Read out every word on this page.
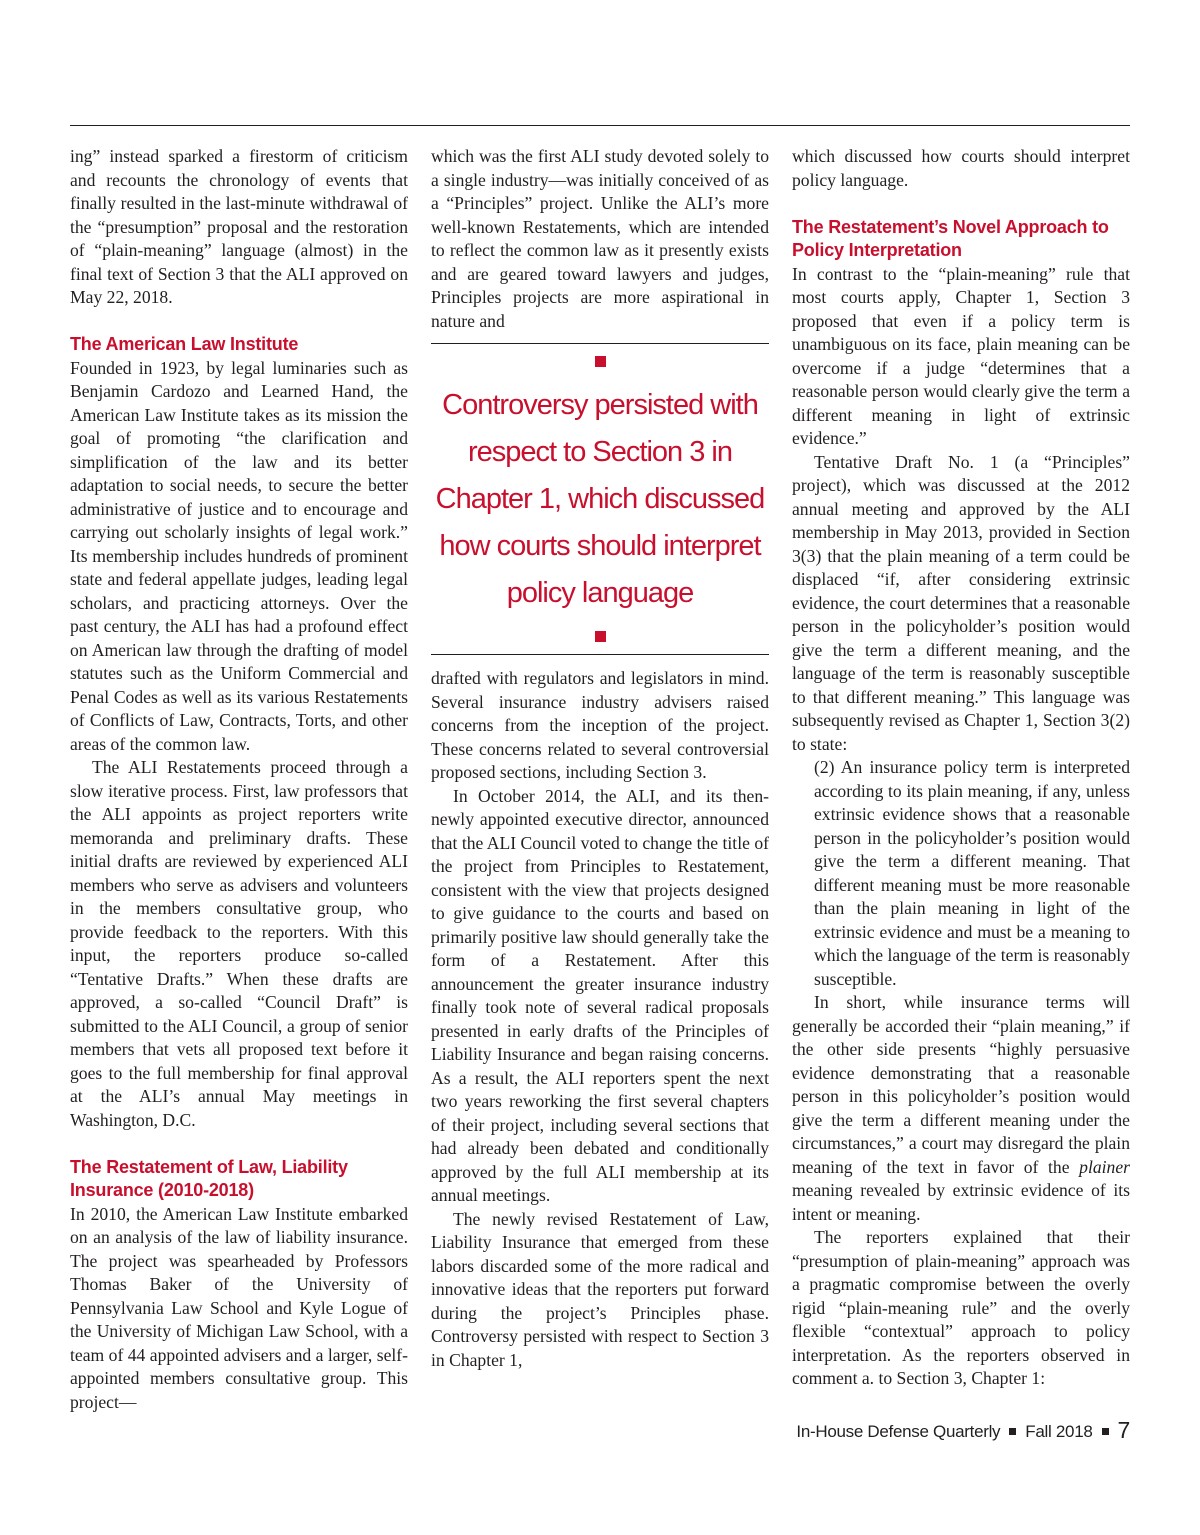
ing” instead sparked a firestorm of criticism and recounts the chronology of events that finally resulted in the last-minute withdrawal of the “presumption” proposal and the restoration of “plain-meaning” language (almost) in the final text of Section 3 that the ALI approved on May 22, 2018.

The American Law Institute

Founded in 1923, by legal luminaries such as Benjamin Cardozo and Learned Hand, the American Law Institute takes as its mission the goal of promoting “the clarification and simplification of the law and its better adaptation to social needs, to secure the better administrative of justice and to encourage and carrying out scholarly insights of legal work.” Its membership includes hundreds of prominent state and federal appellate judges, leading legal scholars, and practicing attorneys. Over the past century, the ALI has had a profound effect on American law through the drafting of model statutes such as the Uniform Commercial and Penal Codes as well as its various Restatements of Conflicts of Law, Contracts, Torts, and other areas of the common law.

The ALI Restatements proceed through a slow iterative process. First, law professors that the ALI appoints as project reporters write memoranda and preliminary drafts. These initial drafts are reviewed by experienced ALI members who serve as advisers and volunteers in the members consultative group, who provide feedback to the reporters. With this input, the reporters produce so-called “Tentative Drafts.” When these drafts are approved, a so-called “Council Draft” is submitted to the ALI Council, a group of senior members that vets all proposed text before it goes to the full membership for final approval at the ALI’s annual May meetings in Washington, D.C.

The Restatement of Law, Liability Insurance (2010-2018)

In 2010, the American Law Institute embarked on an analysis of the law of liability insurance. The project was spearheaded by Professors Thomas Baker of the University of Pennsylvania Law School and Kyle Logue of the University of Michigan Law School, with a team of 44 appointed advisers and a larger, self-appointed members consultative group. This project—

which was the first ALI study devoted solely to a single industry—was initially conceived of as a “Principles” project. Unlike the ALI’s more well-known Restatements, which are intended to reflect the common law as it presently exists and are geared toward lawyers and judges, Principles projects are more aspirational in nature and

Controversy persisted with respect to Section 3 in Chapter 1, which discussed how courts should interpret policy language

drafted with regulators and legislators in mind. Several insurance industry advisers raised concerns from the inception of the project. These concerns related to several controversial proposed sections, including Section 3.

In October 2014, the ALI, and its then-newly appointed executive director, announced that the ALI Council voted to change the title of the project from Principles to Restatement, consistent with the view that projects designed to give guidance to the courts and based on primarily positive law should generally take the form of a Restatement. After this announcement the greater insurance industry finally took note of several radical proposals presented in early drafts of the Principles of Liability Insurance and began raising concerns. As a result, the ALI reporters spent the next two years reworking the first several chapters of their project, including several sections that had already been debated and conditionally approved by the full ALI membership at its annual meetings.

The newly revised Restatement of Law, Liability Insurance that emerged from these labors discarded some of the more radical and innovative ideas that the reporters put forward during the project’s Principles phase. Controversy persisted with respect to Section 3 in Chapter 1,

which discussed how courts should interpret policy language.

The Restatement’s Novel Approach to Policy Interpretation

In contrast to the “plain-meaning” rule that most courts apply, Chapter 1, Section 3 proposed that even if a policy term is unambiguous on its face, plain meaning can be overcome if a judge “determines that a reasonable person would clearly give the term a different meaning in light of extrinsic evidence.”

Tentative Draft No. 1 (a “Principles” project), which was discussed at the 2012 annual meeting and approved by the ALI membership in May 2013, provided in Section 3(3) that the plain meaning of a term could be displaced “if, after considering extrinsic evidence, the court determines that a reasonable person in the policyholder’s position would give the term a different meaning, and the language of the term is reasonably susceptible to that different meaning.” This language was subsequently revised as Chapter 1, Section 3(2) to state:

(2) An insurance policy term is interpreted according to its plain meaning, if any, unless extrinsic evidence shows that a reasonable person in the policyholder’s position would give the term a different meaning. That different meaning must be more reasonable than the plain meaning in light of the extrinsic evidence and must be a meaning to which the language of the term is reasonably susceptible.

In short, while insurance terms will generally be accorded their “plain meaning,” if the other side presents “highly persuasive evidence demonstrating that a reasonable person in this policyholder’s position would give the term a different meaning under the circumstances,” a court may disregard the plain meaning of the text in favor of the plainer meaning revealed by extrinsic evidence of its intent or meaning.

The reporters explained that their “presumption of plain-meaning” approach was a pragmatic compromise between the overly rigid “plain-meaning rule” and the overly flexible “contextual” approach to policy interpretation. As the reporters observed in comment a. to Section 3, Chapter 1:

In-House Defense Quarterly Fall 2018 7
